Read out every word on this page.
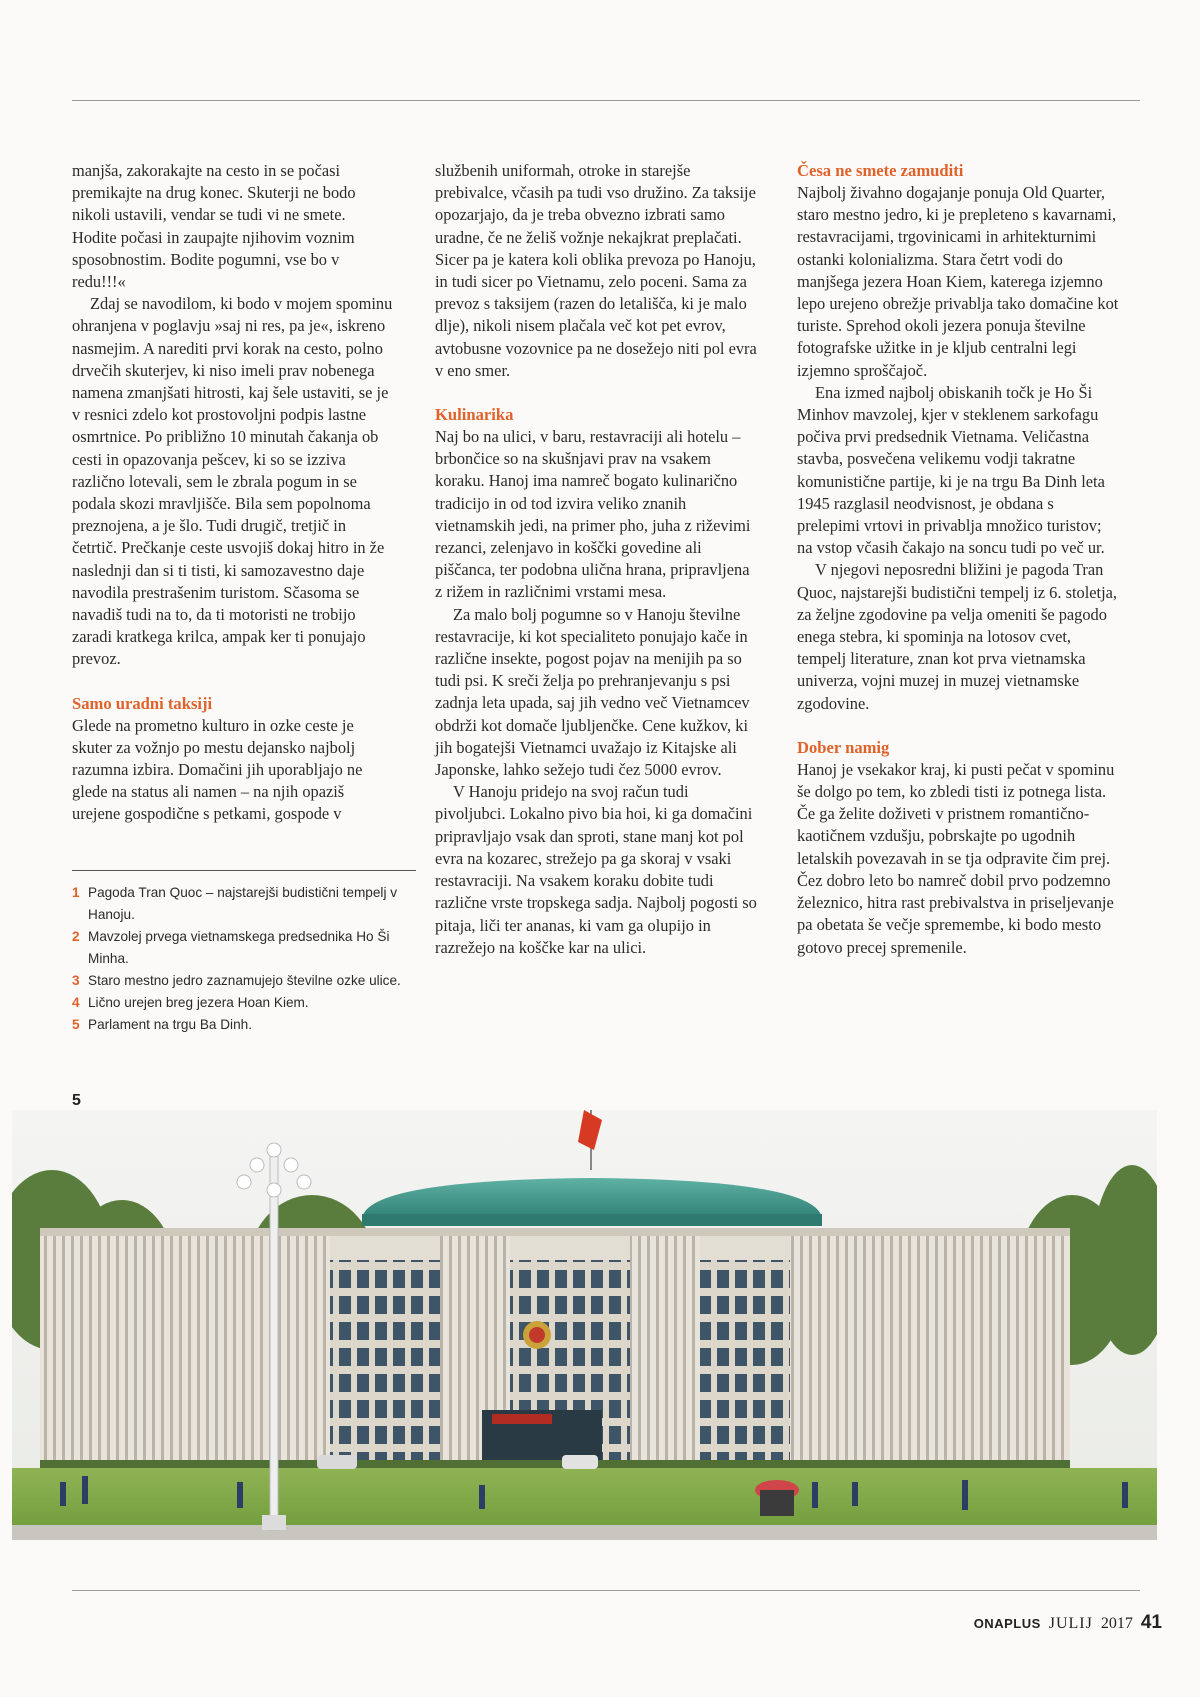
manjša, zakorakajte na cesto in se počasi premikajte na drug konec. Skuterji ne bodo nikoli ustavili, vendar se tudi vi ne smete. Hodite počasi in zaupajte njihovim voznim sposobnostim. Bodite pogumni, vse bo v redu!!!«

Zdaj se navodilom, ki bodo v mojem spominu ohranjena v poglavju »saj ni res, pa je«, iskreno nasmejim. A narediti prvi korak na cesto, polno drvečih skuterjev, ki niso imeli prav nobenega namena zmanjšati hitrosti, kaj šele ustaviti, se je v resnici zdelo kot prostovoljni podpis lastne osmrtnice. Po približno 10 minutah čakanja ob cesti in opazovanja pešcev, ki so se izziva različno lotevali, sem le zbrala pogum in se podala skozi mravljišče. Bila sem popolnoma preznojena, a je šlo. Tudi drugič, tretjič in četrtič. Prečkanje ceste usvojiš dokaj hitro in že naslednji dan si ti tisti, ki samozavestno daje navodila prestrašenim turistom. Sčasoma se navadiš tudi na to, da ti motoristi ne trobijo zaradi kratkega krilca, ampak ker ti ponujajo prevoz.

Samo uradni taksiji

Glede na prometno kulturo in ozke ceste je skuter za vožnjo po mestu dejansko najbolj razumna izbira. Domačini jih uporabljajo ne glede na status ali namen – na njih opaziš urejene gospodične s petkami, gospode v

1 Pagoda Tran Quoc – najstarejši budistični tempelj v Hanoju.
2 Mavzolej prvega vietnamskega predsednika Ho Ši Minha.
3 Staro mestno jedro zaznamujejo številne ozke ulice.
4 Lično urejen breg jezera Hoan Kiem.
5 Parlament na trgu Ba Dinh.
5

službenih uniformah, otroke in starejše prebivalce, včasih pa tudi vso družino. Za taksije opozarjajo, da je treba obvezno izbrati samo uradne, če ne želiš vožnje nekajkrat preplačati. Sicer pa je katera koli oblika prevoza po Hanoju, in tudi sicer po Vietnamu, zelo poceni. Sama za prevoz s taksijem (razen do letališča, ki je malo dlje), nikoli nisem plačala več kot pet evrov, avtobusne vozovnice pa ne dosežejo niti pol evra v eno smer.

Kulinarika

Naj bo na ulici, v baru, restavraciji ali hotelu – brbončice so na skušnjavi prav na vsakem koraku. Hanoj ima namreč bogato kulinarično tradicijo in od tod izvira veliko znanih vietnamskih jedi, na primer pho, juha z riževimi rezanci, zelenjavo in koščki govedine ali piščanca, ter podobna ulična hrana, pripravljena z rižem in različnimi vrstami mesa.

Za malo bolj pogumne so v Hanoju številne restavracije, ki kot specialiteto ponujajo kače in različne insekte, pogost pojav na menijih pa so tudi psi. K sreči želja po prehranjevanju s psi zadnja leta upada, saj jih vedno več Vietnamcev obdrži kot domače ljubljenčke. Cene kužkov, ki jih bogatejši Vietnamci uvažajo iz Kitajske ali Japonske, lahko sežejo tudi čez 5000 evrov.

V Hanoju pridejo na svoj račun tudi pivoljubci. Lokalno pivo bia hoi, ki ga domačini pripravljajo vsak dan sproti, stane manj kot pol evra na kozarec, strežejo pa ga skoraj v vsaki restavraciji. Na vsakem koraku dobite tudi različne vrste tropskega sadja. Najbolj pogosti so pitaja, liči ter ananas, ki vam ga olupijo in razrežejo na koščke kar na ulici.

Česa ne smete zamuditi

Najbolj živahno dogajanje ponuja Old Quarter, staro mestno jedro, ki je prepleteno s kavarnami, restavracijami, trgovinicami in arhitekturnimi ostanki kolonializma. Stara četrt vodi do manjšega jezera Hoan Kiem, katerega izjemno lepo urejeno obrežje privablja tako domačine kot turiste. Sprehod okoli jezera ponuja številne fotografske užitke in je kljub centralni legi izjemno sproščajoč.

Ena izmed najbolj obiskanih točk je Ho Ši Minhov mavzolej, kjer v steklenem sarkofagu počiva prvi predsednik Vietnama. Veličastna stavba, posvečena velikemu vodji takratne komunistične partije, ki je na trgu Ba Dinh leta 1945 razglasil neodvisnost, je obdana s prelepimi vrtovi in privablja množico turistov; na vstop včasih čakajo na soncu tudi po več ur.

V njegovi neposredni bližini je pagoda Tran Quoc, najstarejši budistični tempelj iz 6. stoletja, za željne zgodovine pa velja omeniti še pagodo enega stebra, ki spominja na lotosov cvet, tempelj literature, znan kot prva vietnamska univerza, vojni muzej in muzej vietnamske zgodovine.

Dober namig

Hanoj je vsekakor kraj, ki pusti pečat v spominu še dolgo po tem, ko zbledi tisti iz potnega lista. Če ga želite doživeti v pristnem romantično-kaotičnem vzdušju, pobrskajte po ugodnih letalskih povezavah in se tja odpravite čim prej. Čez dobro leto bo namreč dobil prvo podzemno železnico, hitra rast prebivalstva in priseljevanje pa obetata še večje spremembe, ki bodo mesto gotovo precej spremenile.

ONAPLUS JULIJ 2017 41
